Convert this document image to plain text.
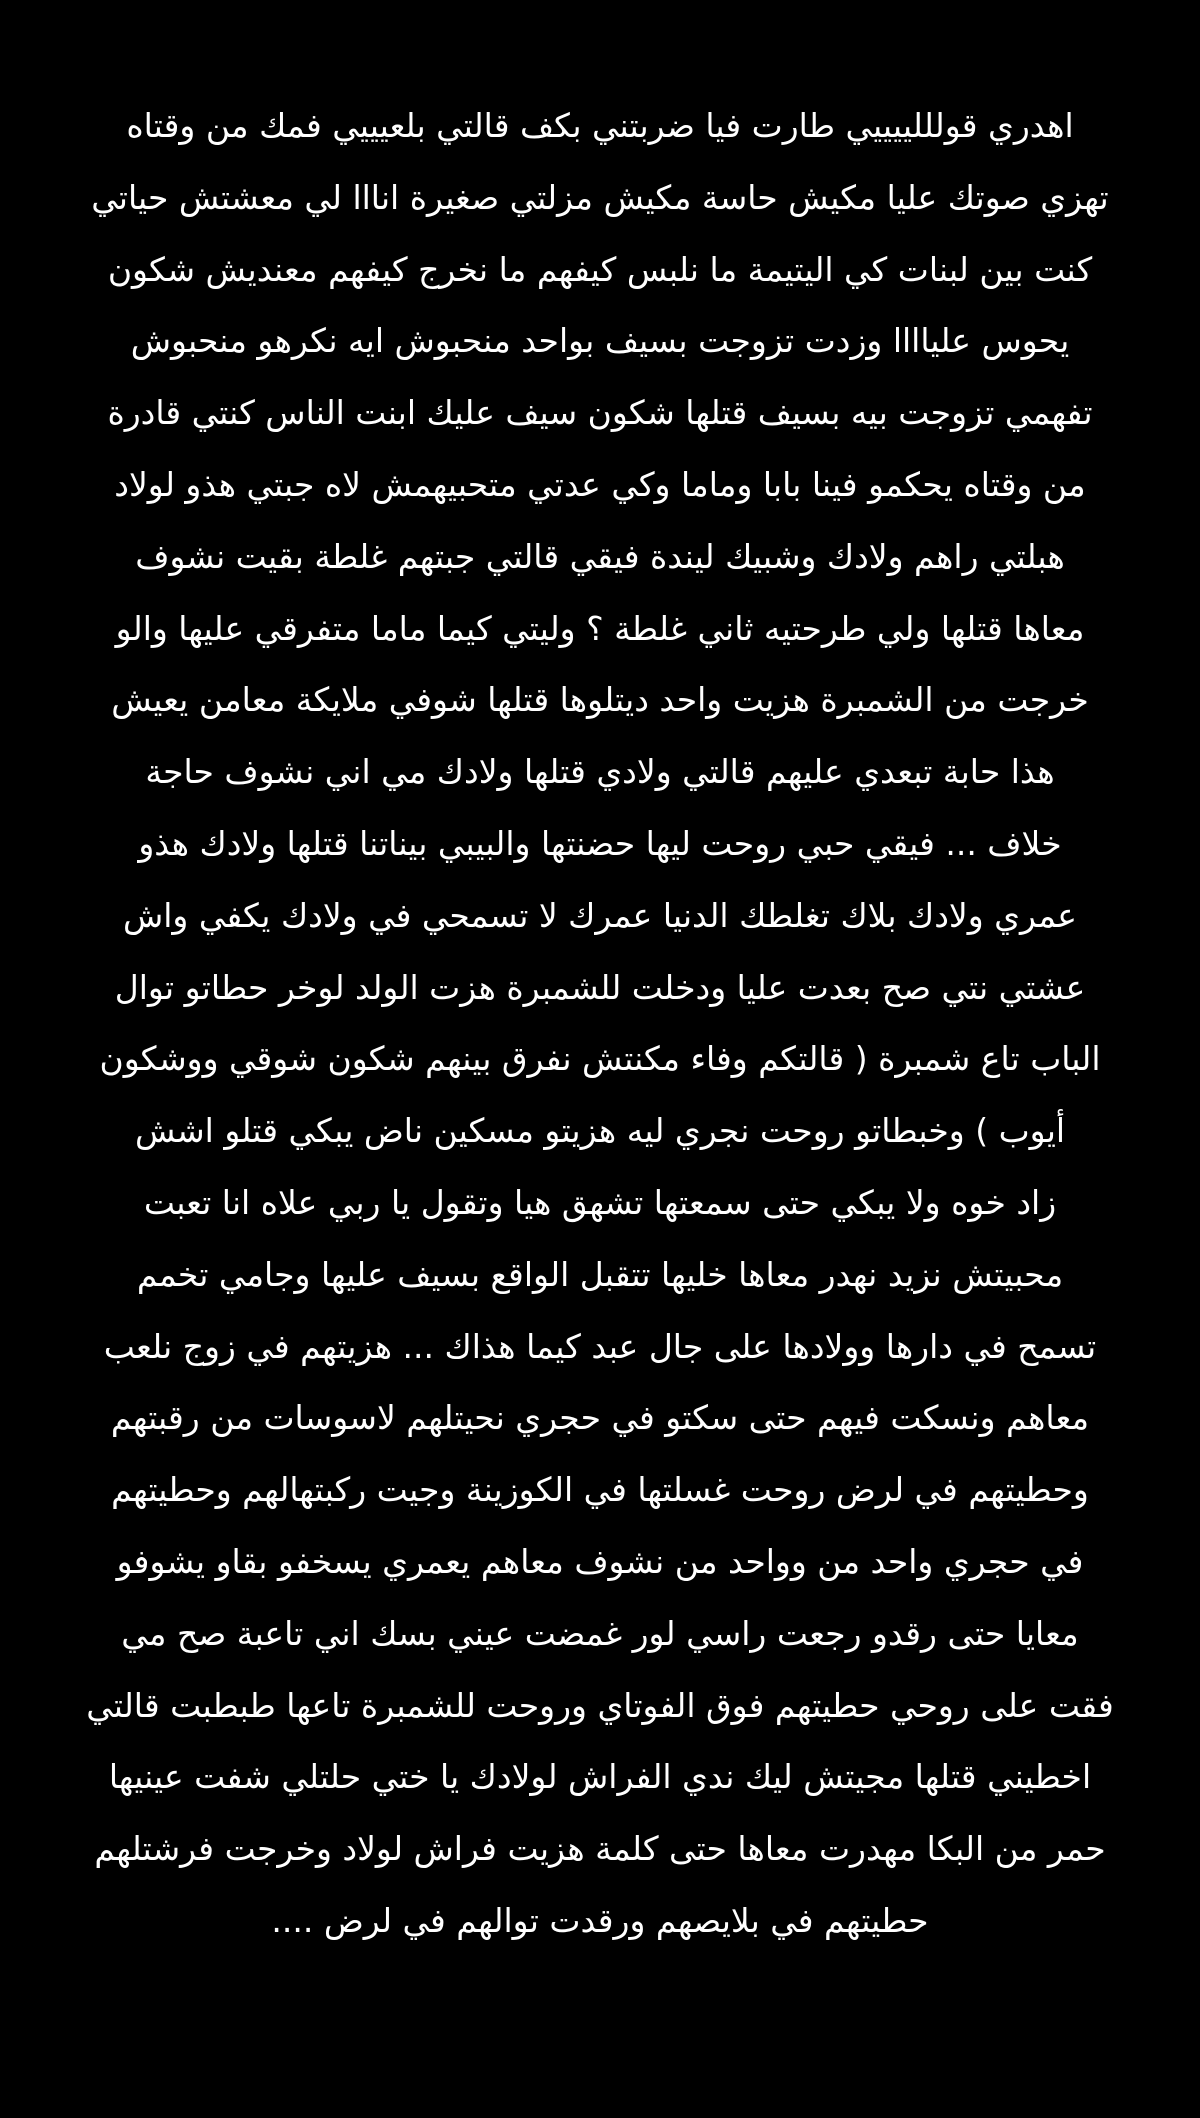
اهدري قولللييييي طارت فيا ضربتني بكف قالتي بلعيييي فمك من وقتاه
تهزي صوتك عليا مكيش حاسة مكيش مزلتي صغيرة انااا لي معشتش حياتي
كنت بين لبنات كي اليتيمة ما نلبس كيفهم ما نخرج كيفهم معنديش شكون
يحوس علياااا وزدت تزوجت بسيف بواحد منحبوش ايه نكرهو منحبوش
تفهمي تزوجت بيه بسيف قتلها شكون سيف عليك ابنت الناس كنتي قادرة
من وقتاه يحكمو فينا بابا وماما وكي عدتي متحبيهمش لاه جبتي هذو لولاد
هبلتي راهم ولادك وشبيك ليندة فيقي قالتي جبتهم غلطة بقيت نشوف
معاها قتلها ولي طرحتيه ثاني غلطة ؟ وليتي كيما ماما متفرقي عليها والو
خرجت من الشمبرة هزيت واحد ديتلوها قتلها شوفي ملايكة معامن يعيش
هذا حابة تبعدي عليهم قالتي ولادي قتلها ولادك مي اني نشوف حاجة
خلاف ... فيقي حبي روحت ليها حضنتها والبيبي بيناتنا قتلها ولادك هذو
عمري ولادك بلاك تغلطك الدنيا عمرك لا تسمحي في ولادك يكفي واش
عشتي نتي صح بعدت عليا ودخلت للشمبرة هزت الولد لوخر حطاتو توال
الباب تاع شمبرة ( قالتكم وفاء مكنتش نفرق بينهم شكون شوقي ووشكون
أيوب ) وخبطاتو روحت نجري ليه هزيتو مسكين ناض يبكي قتلو اشش
زاد خوه ولا يبكي حتى سمعتها تشهق هيا وتقول يا ربي علاه انا تعبت
محبيتش نزيد نهدر معاها خليها تتقبل الواقع بسيف عليها وجامي تخمم
تسمح في دارها وولادها على جال عبد كيما هذاك ... هزيتهم في زوج نلعب
معاهم ونسكت فيهم حتى سكتو في حجري نحيتلهم لاسوسات من رقبتهم
وحطيتهم في لرض روحت غسلتها في الكوزينة وجيت ركبتهالهم وحطيتهم
في حجري واحد من وواحد من نشوف معاهم يعمري يسخفو بقاو يشوفو
معايا حتى رقدو رجعت راسي لور غمضت عيني بسك اني تاعبة صح مي
فقت على روحي حطيتهم فوق الفوتاي وروحت للشمبرة تاعها طبطبت قالتي
اخطيني قتلها مجيتش ليك ندي الفراش لولادك يا ختي حلتلي شفت عينيها
حمر من البكا مهدرت معاها حتى كلمة هزيت فراش لولاد وخرجت فرشتلهم
حطيتهم في بلايصهم ورقدت توالهم في لرض ....
